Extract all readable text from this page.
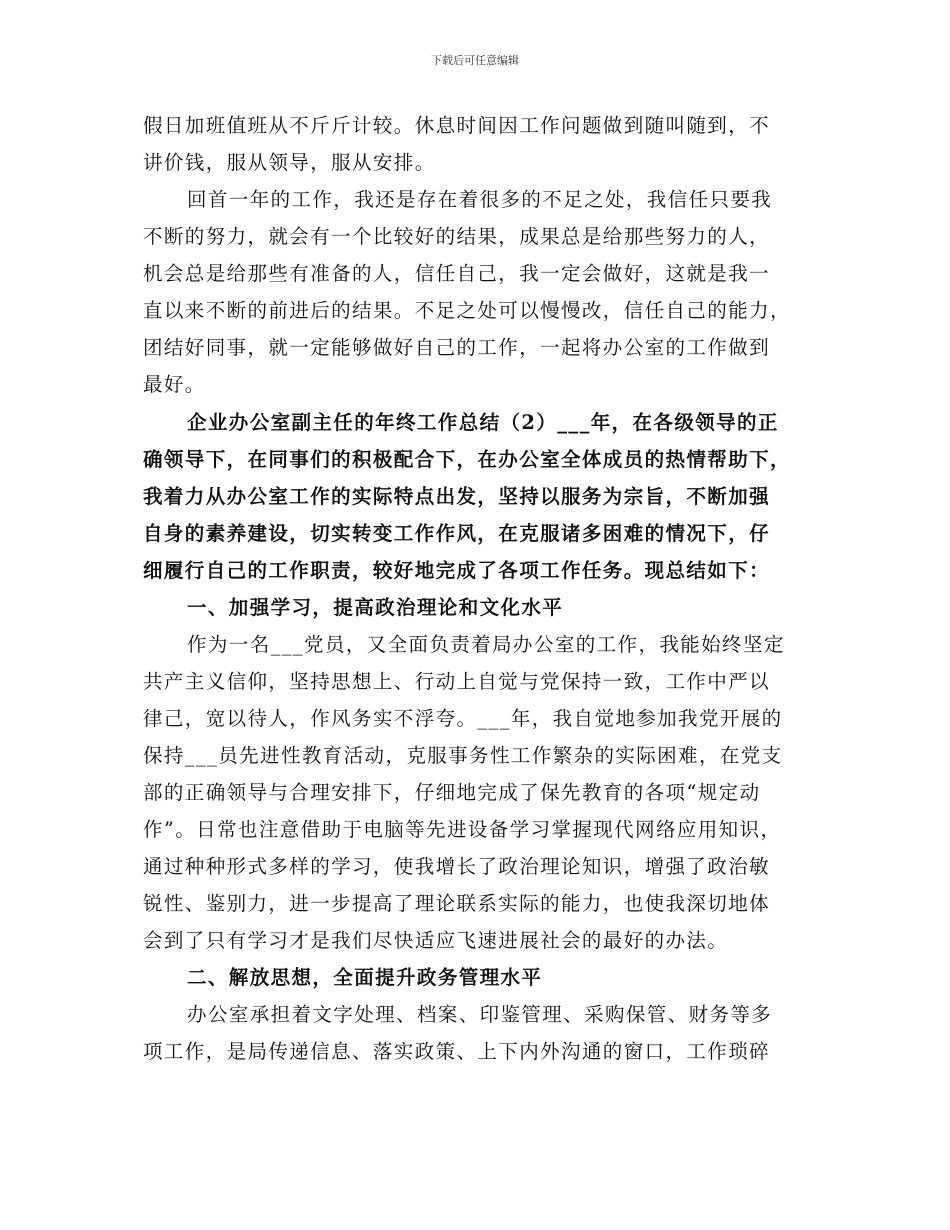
下载后可任意编辑
假日加班值班从不斤斤计较。休息时间因工作问题做到随叫随到，不
讲价钱，服从领导，服从安排。
回首一年的工作，我还是存在着很多的不足之处，我信任只要我
不断的努力，就会有一个比较好的结果，成果总是给那些努力的人，
机会总是给那些有准备的人，信任自己，我一定会做好，这就是我一
直以来不断的前进后的结果。不足之处可以慢慢改，信任自己的能力，
团结好同事，就一定能够做好自己的工作，一起将办公室的工作做到
最好。
企业办公室副主任的年终工作总结（2）___年，在各级领导的正
确领导下，在同事们的积极配合下，在办公室全体成员的热情帮助下，
我着力从办公室工作的实际特点出发，坚持以服务为宗旨，不断加强
自身的素养建设，切实转变工作作风，在克服诸多困难的情况下，仔
细履行自己的工作职责，较好地完成了各项工作任务。现总结如下：
一、加强学习，提高政治理论和文化水平
作为一名___党员，又全面负责着局办公室的工作，我能始终坚定
共产主义信仰，坚持思想上、行动上自觉与党保持一致，工作中严以
律己，宽以待人，作风务实不浮夸。___年，我自觉地参加我党开展的
保持___员先进性教育活动，克服事务性工作繁杂的实际困难，在党支
部的正确领导与合理安排下，仔细地完成了保先教育的各项“规定动
作”。日常也注意借助于电脑等先进设备学习掌握现代网络应用知识，
通过种种形式多样的学习，使我增长了政治理论知识，增强了政治敏
锐性、鉴别力，进一步提高了理论联系实际的能力，也使我深切地体
会到了只有学习才是我们尽快适应飞速进展社会的最好的办法。
二、解放思想，全面提升政务管理水平
办公室承担着文字处理、档案、印鉴管理、采购保管、财务等多
项工作，是局传递信息、落实政策、上下内外沟通的窗口，工作琐碎
